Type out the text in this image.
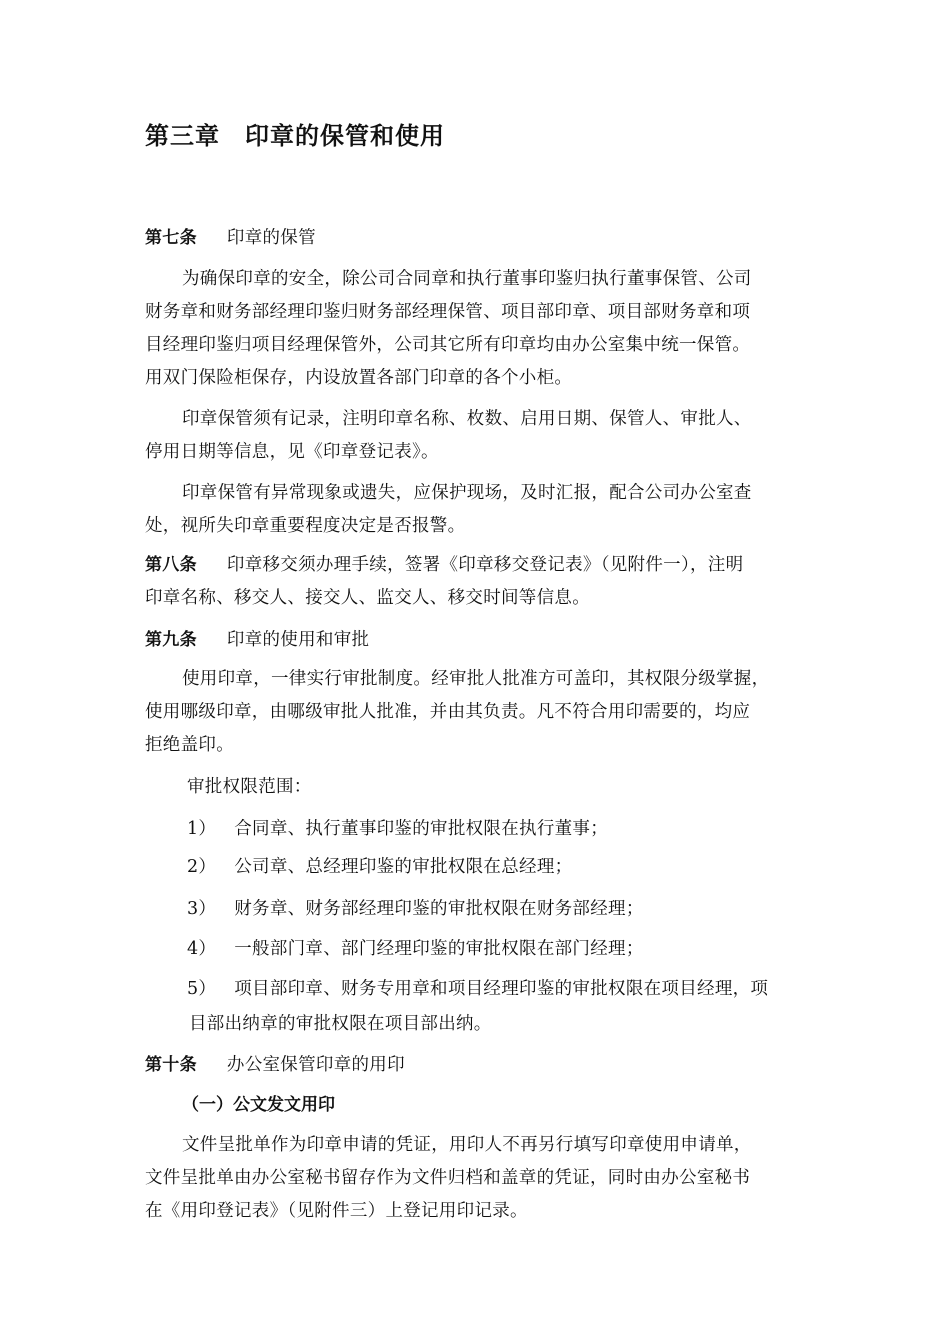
第三章　印章的保管和使用
第七条 印章的保管
为确保印章的安全，除公司合同章和执行董事印鉴归执行董事保管、公司
财务章和财务部经理印鉴归财务部经理保管、项目部印章、项目部财务章和项
目经理印鉴归项目经理保管外，公司其它所有印章均由办公室集中统一保管。
用双门保险柜保存，内设放置各部门印章的各个小柜。
印章保管须有记录，注明印章名称、枚数、启用日期、保管人、审批人、
停用日期等信息，见《印章登记表》。
印章保管有异常现象或遗失，应保护现场，及时汇报，配合公司办公室查
处，视所失印章重要程度决定是否报警。
第八条 印章移交须办理手续，签署《印章移交登记表》（见附件一），注明
印章名称、移交人、接交人、监交人、移交时间等信息。
第九条 印章的使用和审批
使用印章，一律实行审批制度。经审批人批准方可盖印，其权限分级掌握，
使用哪级印章，由哪级审批人批准，并由其负责。凡不符合用印需要的，均应
拒绝盖印。
审批权限范围：
1） 合同章、执行董事印鉴的审批权限在执行董事；
2） 公司章、总经理印鉴的审批权限在总经理；
3） 财务章、财务部经理印鉴的审批权限在财务部经理；
4） 一般部门章、部门经理印鉴的审批权限在部门经理；
5） 项目部印章、财务专用章和项目经理印鉴的审批权限在项目经理，项
目部出纳章的审批权限在项目部出纳。
第十条 办公室保管印章的用印
（一）公文发文用印
文件呈批单作为印章申请的凭证，用印人不再另行填写印章使用申请单，
文件呈批单由办公室秘书留存作为文件归档和盖章的凭证，同时由办公室秘书
在《用印登记表》（见附件三）上登记用印记录。
